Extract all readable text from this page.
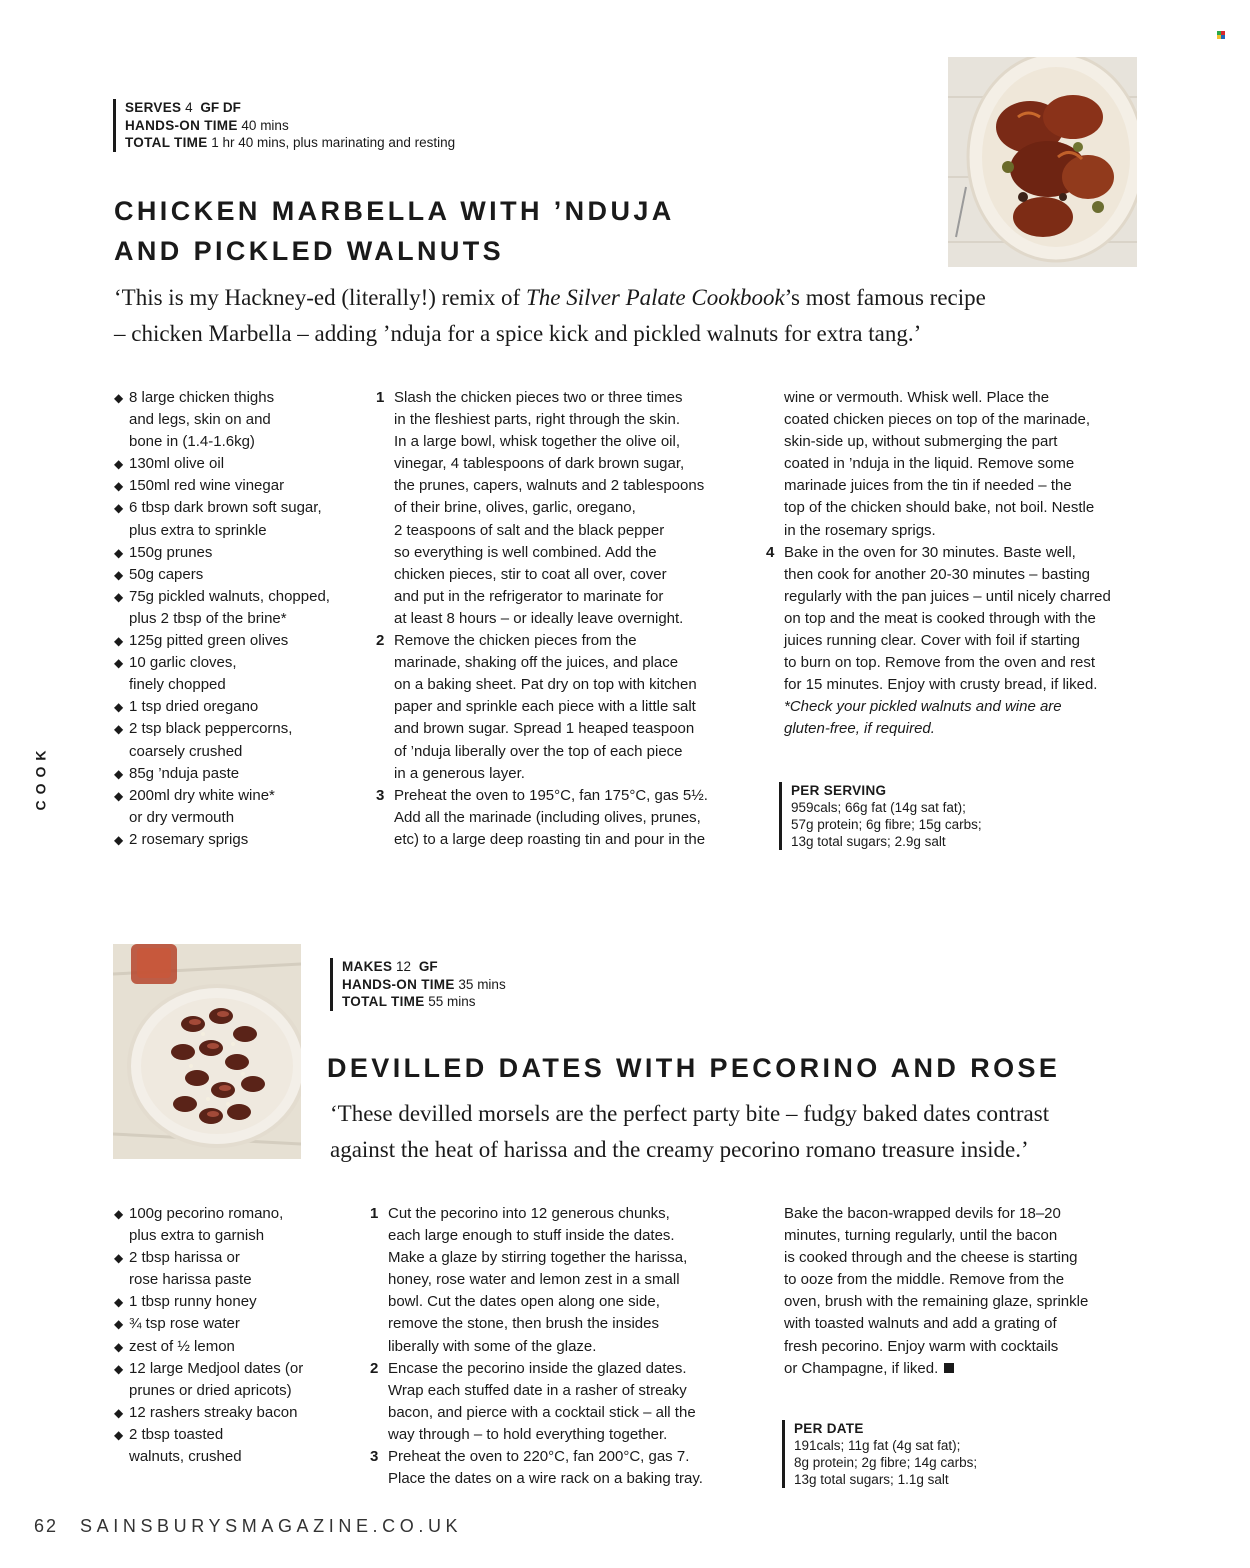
SERVES 4 GF DF
HANDS-ON TIME 40 mins
TOTAL TIME 1 hr 40 mins, plus marinating and resting
CHICKEN MARBELLA WITH ’NDUJA
AND PICKLED WALNUTS
‘This is my Hackney-ed (literally!) remix of The Silver Palate Cookbook’s most famous recipe
– chicken Marbella – adding ’nduja for a spice kick and pickled walnuts for extra tang.’
◆ 8 large chicken thighs
and legs, skin on and
bone in (1.4-1.6kg)
◆ 130ml olive oil
◆ 150ml red wine vinegar
◆ 6 tbsp dark brown soft sugar,
plus extra to sprinkle
◆ 150g prunes
◆ 50g capers
◆ 75g pickled walnuts, chopped,
plus 2 tbsp of the brine*
◆ 125g pitted green olives
◆ 10 garlic cloves,
finely chopped
◆ 1 tsp dried oregano
◆ 2 tsp black peppercorns,
coarsely crushed
◆ 85g ’nduja paste
◆ 200ml dry white wine*
or dry vermouth
◆ 2 rosemary sprigs
1 Slash the chicken pieces two or three times
in the fleshiest parts, right through the skin.
In a large bowl, whisk together the olive oil,
vinegar, 4 tablespoons of dark brown sugar,
the prunes, capers, walnuts and 2 tablespoons
of their brine, olives, garlic, oregano,
2 teaspoons of salt and the black pepper
so everything is well combined. Add the
chicken pieces, stir to coat all over, cover
and put in the refrigerator to marinate for
at least 8 hours – or ideally leave overnight.
2 Remove the chicken pieces from the
marinade, shaking off the juices, and place
on a baking sheet. Pat dry on top with kitchen
paper and sprinkle each piece with a little salt
and brown sugar. Spread 1 heaped teaspoon
of ’nduja liberally over the top of each piece
in a generous layer.
3 Preheat the oven to 195°C, fan 175°C, gas 5½.
Add all the marinade (including olives, prunes,
etc) to a large deep roasting tin and pour in the
wine or vermouth. Whisk well. Place the
coated chicken pieces on top of the marinade,
skin-side up, without submerging the part
coated in ’nduja in the liquid. Remove some
marinade juices from the tin if needed – the
top of the chicken should bake, not boil. Nestle
in the rosemary sprigs.
4 Bake in the oven for 30 minutes. Baste well,
then cook for another 20-30 minutes – basting
regularly with the pan juices – until nicely charred
on top and the meat is cooked through with the
juices running clear. Cover with foil if starting
to burn on top. Remove from the oven and rest
for 15 minutes. Enjoy with crusty bread, if liked.
*Check your pickled walnuts and wine are
gluten-free, if required.
PER SERVING
959cals; 66g fat (14g sat fat);
57g protein; 6g fibre; 15g carbs;
13g total sugars; 2.9g salt
COOK
MAKES 12 GF
HANDS-ON TIME 35 mins
TOTAL TIME 55 mins
DEVILLED DATES WITH PECORINO AND ROSE
‘These devilled morsels are the perfect party bite – fudgy baked dates contrast
against the heat of harissa and the creamy pecorino romano treasure inside.’
◆ 100g pecorino romano,
plus extra to garnish
◆ 2 tbsp harissa or
rose harissa paste
◆ 1 tbsp runny honey
◆ ¾ tsp rose water
◆ zest of ½ lemon
◆ 12 large Medjool dates (or
prunes or dried apricots)
◆ 12 rashers streaky bacon
◆ 2 tbsp toasted
walnuts, crushed
1 Cut the pecorino into 12 generous chunks,
each large enough to stuff inside the dates.
Make a glaze by stirring together the harissa,
honey, rose water and lemon zest in a small
bowl. Cut the dates open along one side,
remove the stone, then brush the insides
liberally with some of the glaze.
2 Encase the pecorino inside the glazed dates.
Wrap each stuffed date in a rasher of streaky
bacon, and pierce with a cocktail stick – all the
way through – to hold everything together.
3 Preheat the oven to 220°C, fan 200°C, gas 7.
Place the dates on a wire rack on a baking tray.
Bake the bacon-wrapped devils for 18–20
minutes, turning regularly, until the bacon
is cooked through and the cheese is starting
to ooze from the middle. Remove from the
oven, brush with the remaining glaze, sprinkle
with toasted walnuts and add a grating of
fresh pecorino. Enjoy warm with cocktails
or Champagne, if liked.
PER DATE
191cals; 11g fat (4g sat fat);
8g protein; 2g fibre; 14g carbs;
13g total sugars; 1.1g salt
62 SAINSBURYSMAGAZINE.CO.UK
